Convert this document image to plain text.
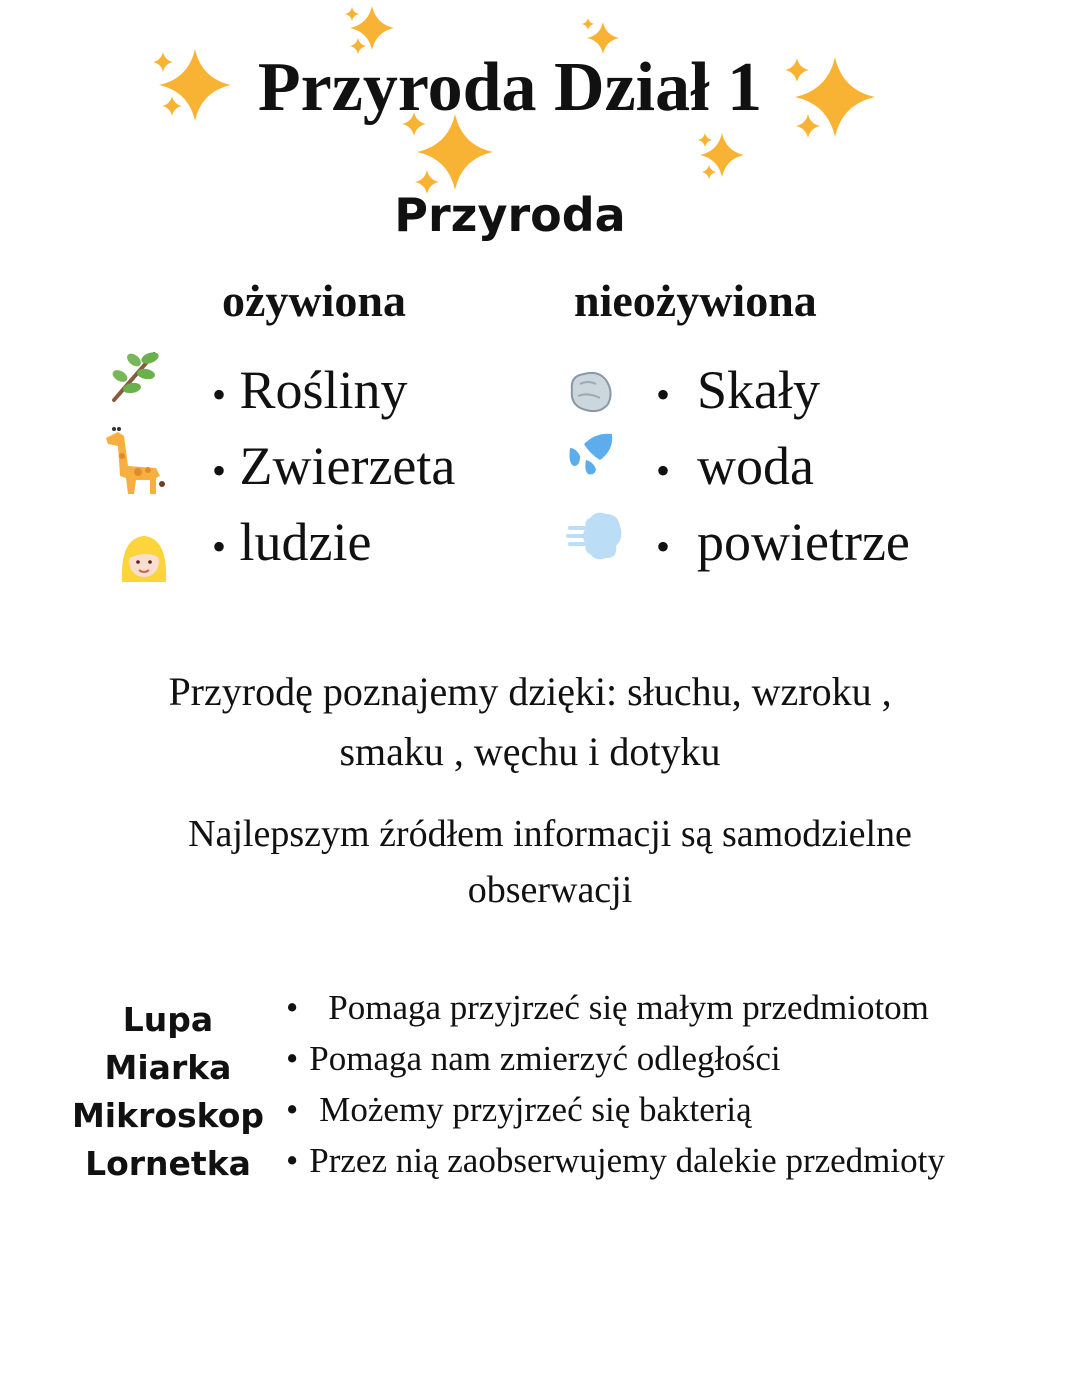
Przyroda Dział 1
Przyroda
ożywiona	nieożywiona
• Rośliny
• Zwierzeta
• ludzie
• Skały
• woda
• powietrze
Przyrodę poznajemy dzięki: słuchu, wzroku ,
smaku , węchu i dotyku
Najlepszym źródłem informacji są samodzielne
obserwacji
Lupa
Miarka
Mikroskop
Lornetka
• Pomaga przyjrzeć się małym przedmiotom
• Pomaga nam zmierzyć odległości
• Możemy przyjrzeć się bakterią
• Przez nią zaobserwujemy dalekie przedmioty
